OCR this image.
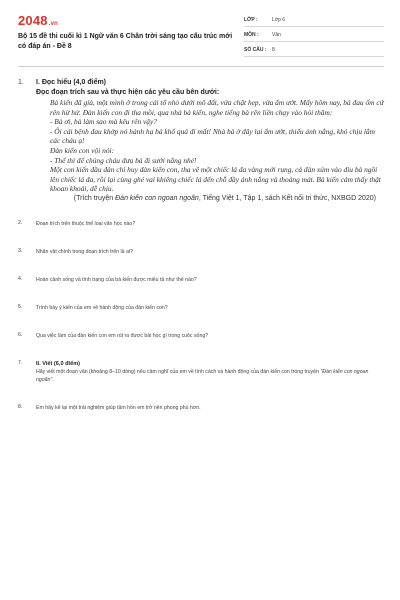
2048.vn
Bộ 15 đề thi cuối kì 1 Ngữ văn 6 Chân trời sáng tạo cấu trúc mới có đáp án - Đề 8
LỚP :	Lớp 6
MÔN :	Văn
SỐ CÂU : 8
1. I. Đọc hiểu (4,0 điểm)
Đọc đoạn trích sau và thực hiện các yêu cầu bên dưới:

Bà kiến đã già, một mình ở trong cái tổ nhỏ dưới mô đất, vừa chật hẹp, vừa ẩm ướt. Mấy hôm nay, bà đau ốm cứ rên hừ hừ. Đàn kiến con đi tha mồi, qua nhà bà kiến, nghe tiếng bà rên liền chạy vào hỏi thăm:

- Bà ơi, bà làm sao mà kêu rên vậy?

- Ôi cái bệnh đau khớp nó hành hạ bà khổ quá đi mất! Nhà bà ở đây lại ẩm ướt, thiếu ánh nắng, khó chịu lắm các cháu ạ!

Đàn kiến con vội nói:

- Thế thì để chúng cháu đưa bà đi sưởi nắng nhé!

Một con kiến đầu đàn chỉ huy đàn kiến con, tha về một chiếc lá đa vàng mới rụng, cả đàn xúm vào dìu bà ngồi lên chiếc lá đa, rồi lại cùng ghé vai khiêng chiếc lá đến chỗ đầy ánh nắng và thoáng mát. Bà kiến cảm thấy thật khoan khoái, dễ chịu.

(Trích truyện Đàn kiến con ngoan ngoãn, Tiếng Việt 1, Tập 1, sách Kết nối tri thức, NXBGD 2020)
2.	Đoạn trích trên thuộc thể loại văn học nào?
3.	Nhân vật chính trong đoạn trích trên là ai?
4.	Hoàn cảnh sống và tình trạng của bà kiến được miêu tả như thế nào?
5.	Trình bày ý kiến của em về hành động của đàn kiến con?
6.	Qua việc làm của đàn kiến con em rút ra được bài học gì trong cuộc sống?
7. II. Viết (6,0 điểm)
Hãy viết một đoạn văn (khoảng 8–10 dòng) nêu cảm nghĩ của em về tính cách và hành động của đàn kiến con trong truyện "Đàn kiến con ngoan ngoãn".
8.	Em hãy kể lại một trải nghiệm giúp tâm hồn em trở nên phong phú hơn.
